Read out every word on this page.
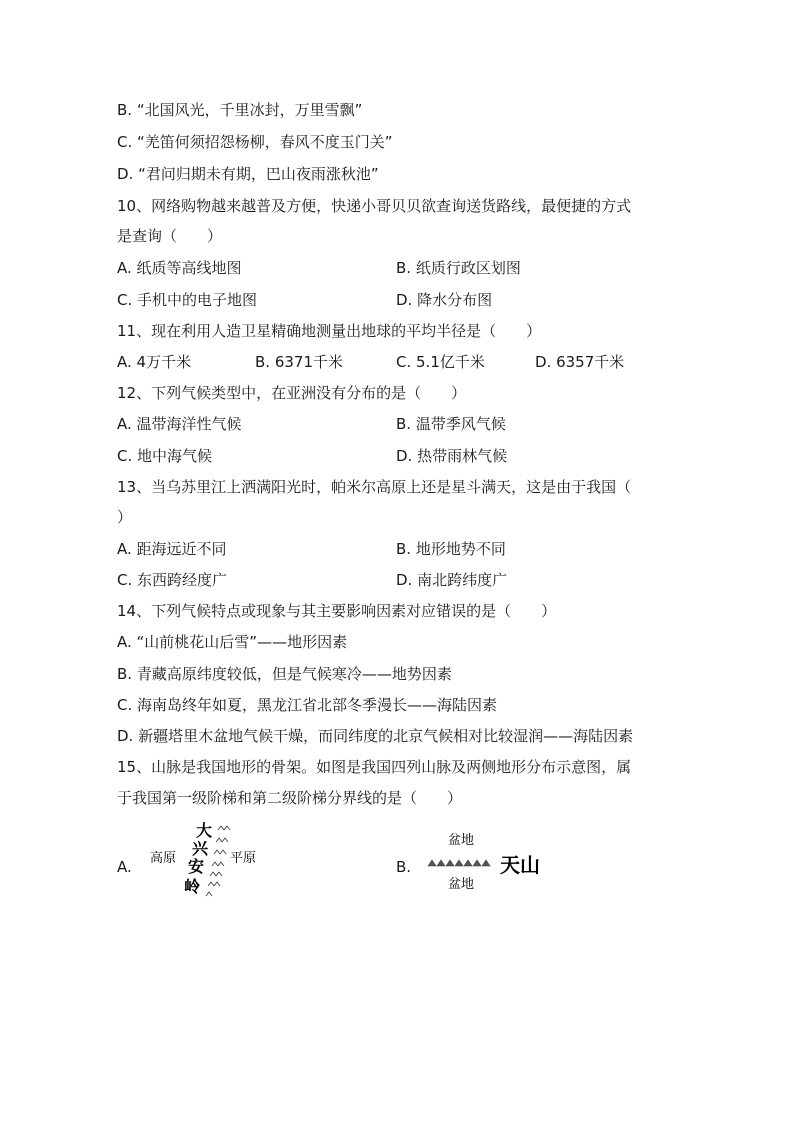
B. “北国风光，千里冰封，万里雪飘”
C. “羌笛何须招怨杨柳，春风不度玉门关”
D. “君问归期未有期，巴山夜雨涨秋池”
10、网络购物越来越普及方便，快递小哥贝贝欲查询送货路线，最便捷的方式
是查询（　　）
A. 纸质等高线地图	B. 纸质行政区划图
C. 手机中的电子地图	D. 降水分布图
11、现在利用人造卫星精确地测量出地球的平均半径是（　　）
A. 4万千米	B. 6371千米	C. 5.1亿千米	D. 6357千米
12、下列气候类型中，在亚洲没有分布的是（　　）
A. 温带海洋性气候	B. 温带季风气候
C. 地中海气候	D. 热带雨林气候
13、当乌苏里江上洒满阳光时，帕米尔高原上还是星斗满天，这是由于我国（
）
A. 距海远近不同	B. 地形地势不同
C. 东西跨经度广	D. 南北跨纬度广
14、下列气候特点或现象与其主要影响因素对应错误的是（　　）
A. “山前桃花山后雪”——地形因素
B. 青藏高原纬度较低，但是气候寒冷——地势因素
C. 海南岛终年如夏，黑龙江省北部冬季漫长——海陆因素
D. 新疆塔里木盆地气候干燥，而同纬度的北京气候相对比较湿润——海陆因素
15、山脉是我国地形的骨架。如图是我国四列山脉及两侧地形分布示意图，属
于我国第一级阶梯和第二级阶梯分界线的是（　　）
A.	B.
高原	平原
大
兴
安
岭
盆地
盆地
天山
